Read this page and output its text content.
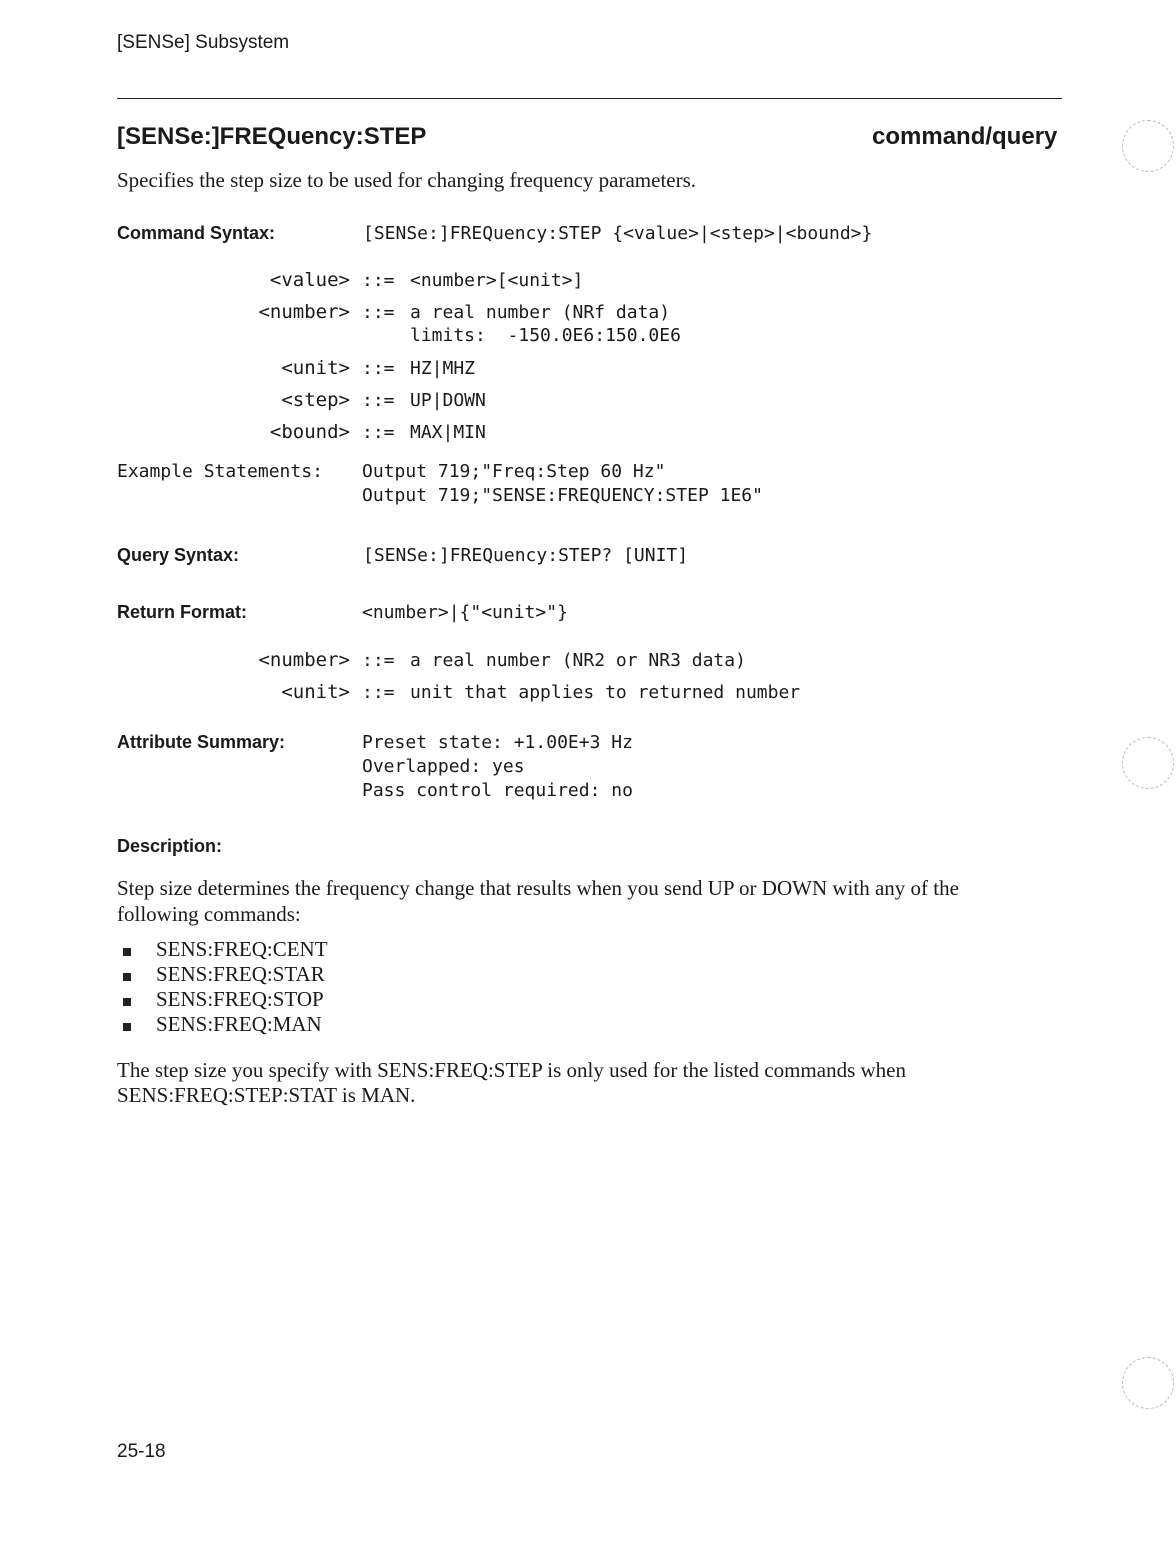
[SENSe] Subsystem
[SENSe:]FREQuency:STEP	command/query
Specifies the step size to be used for changing frequency parameters.
Command Syntax:	[SENSe:]FREQuency:STEP {<value>|<step>|<bound>}
<value> ::= <number>[<unit>]
<number> ::= a real number (NRf data)
limits:  -150.0E6:150.0E6
<unit> ::= HZ|MHZ
<step> ::= UP|DOWN
<bound> ::= MAX|MIN
Example Statements: Output 719;"Freq:Step 60 Hz"
Output 719;"SENSE:FREQUENCY:STEP 1E6"
Query Syntax:	[SENSe:]FREQuency:STEP? [UNIT]
Return Format:	<number>|{"<unit>"}
<number> ::= a real number (NR2 or NR3 data)
<unit> ::= unit that applies to returned number
Attribute Summary:	Preset state: +1.00E+3 Hz
Overlapped: yes
Pass control required: no
Description:
Step size determines the frequency change that results when you send UP or DOWN with any of the
following commands:
SENS:FREQ:CENT
SENS:FREQ:STAR
SENS:FREQ:STOP
SENS:FREQ:MAN
The step size you specify with SENS:FREQ:STEP is only used for the listed commands when
SENS:FREQ:STEP:STAT is MAN.
25-18
